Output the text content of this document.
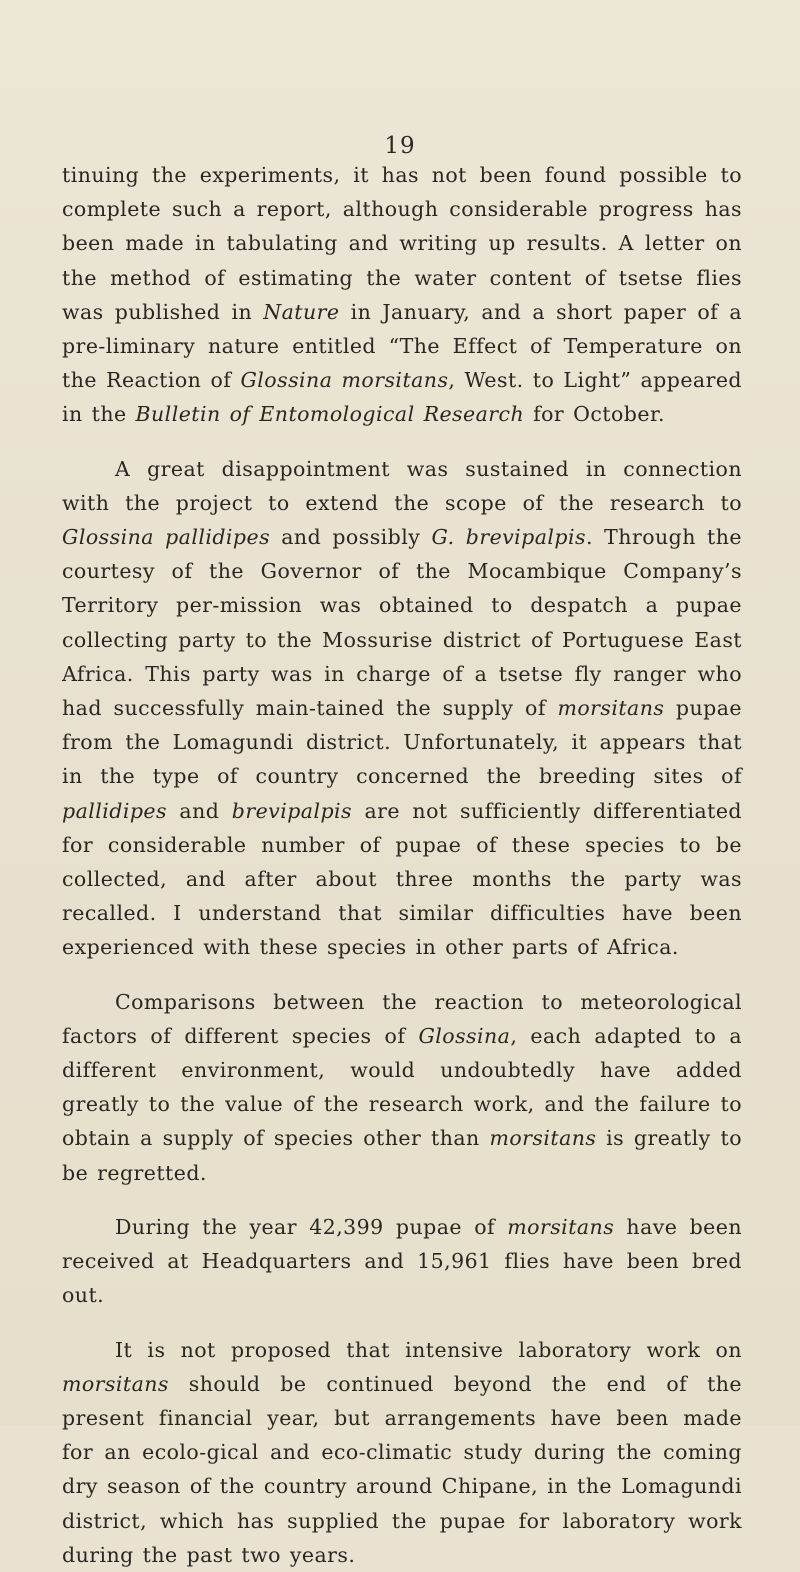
19

tinuing the experiments, it has not been found possible to complete such a report, although considerable progress has been made in tabulating and writing up results. A letter on the method of estimating the water content of tsetse flies was published in Nature in January, and a short paper of a pre-liminary nature entitled “The Effect of Temperature on the Reaction of Glossina morsitans, West. to Light” appeared in the Bulletin of Entomological Research for October.

A great disappointment was sustained in connection with the project to extend the scope of the research to Glossina pallidipes and possibly G. brevipalpis. Through the courtesy of the Governor of the Mocambique Company’s Territory per-mission was obtained to despatch a pupae collecting party to the Mossurise district of Portuguese East Africa. This party was in charge of a tsetse fly ranger who had successfully main-tained the supply of morsitans pupae from the Lomagundi district. Unfortunately, it appears that in the type of country concerned the breeding sites of pallidipes and brevipalpis are not sufficiently differentiated for considerable number of pupae of these species to be collected, and after about three months the party was recalled. I understand that similar difficulties have been experienced with these species in other parts of Africa.

Comparisons between the reaction to meteorological factors of different species of Glossina, each adapted to a different environment, would undoubtedly have added greatly to the value of the research work, and the failure to obtain a supply of species other than morsitans is greatly to be regretted.

During the year 42,399 pupae of morsitans have been received at Headquarters and 15,961 flies have been bred out.

It is not proposed that intensive laboratory work on morsitans should be continued beyond the end of the present financial year, but arrangements have been made for an ecolo-gical and eco-climatic study during the coming dry season of the country around Chipane, in the Lomagundi district, which has supplied the pupae for laboratory work during the past two years.
